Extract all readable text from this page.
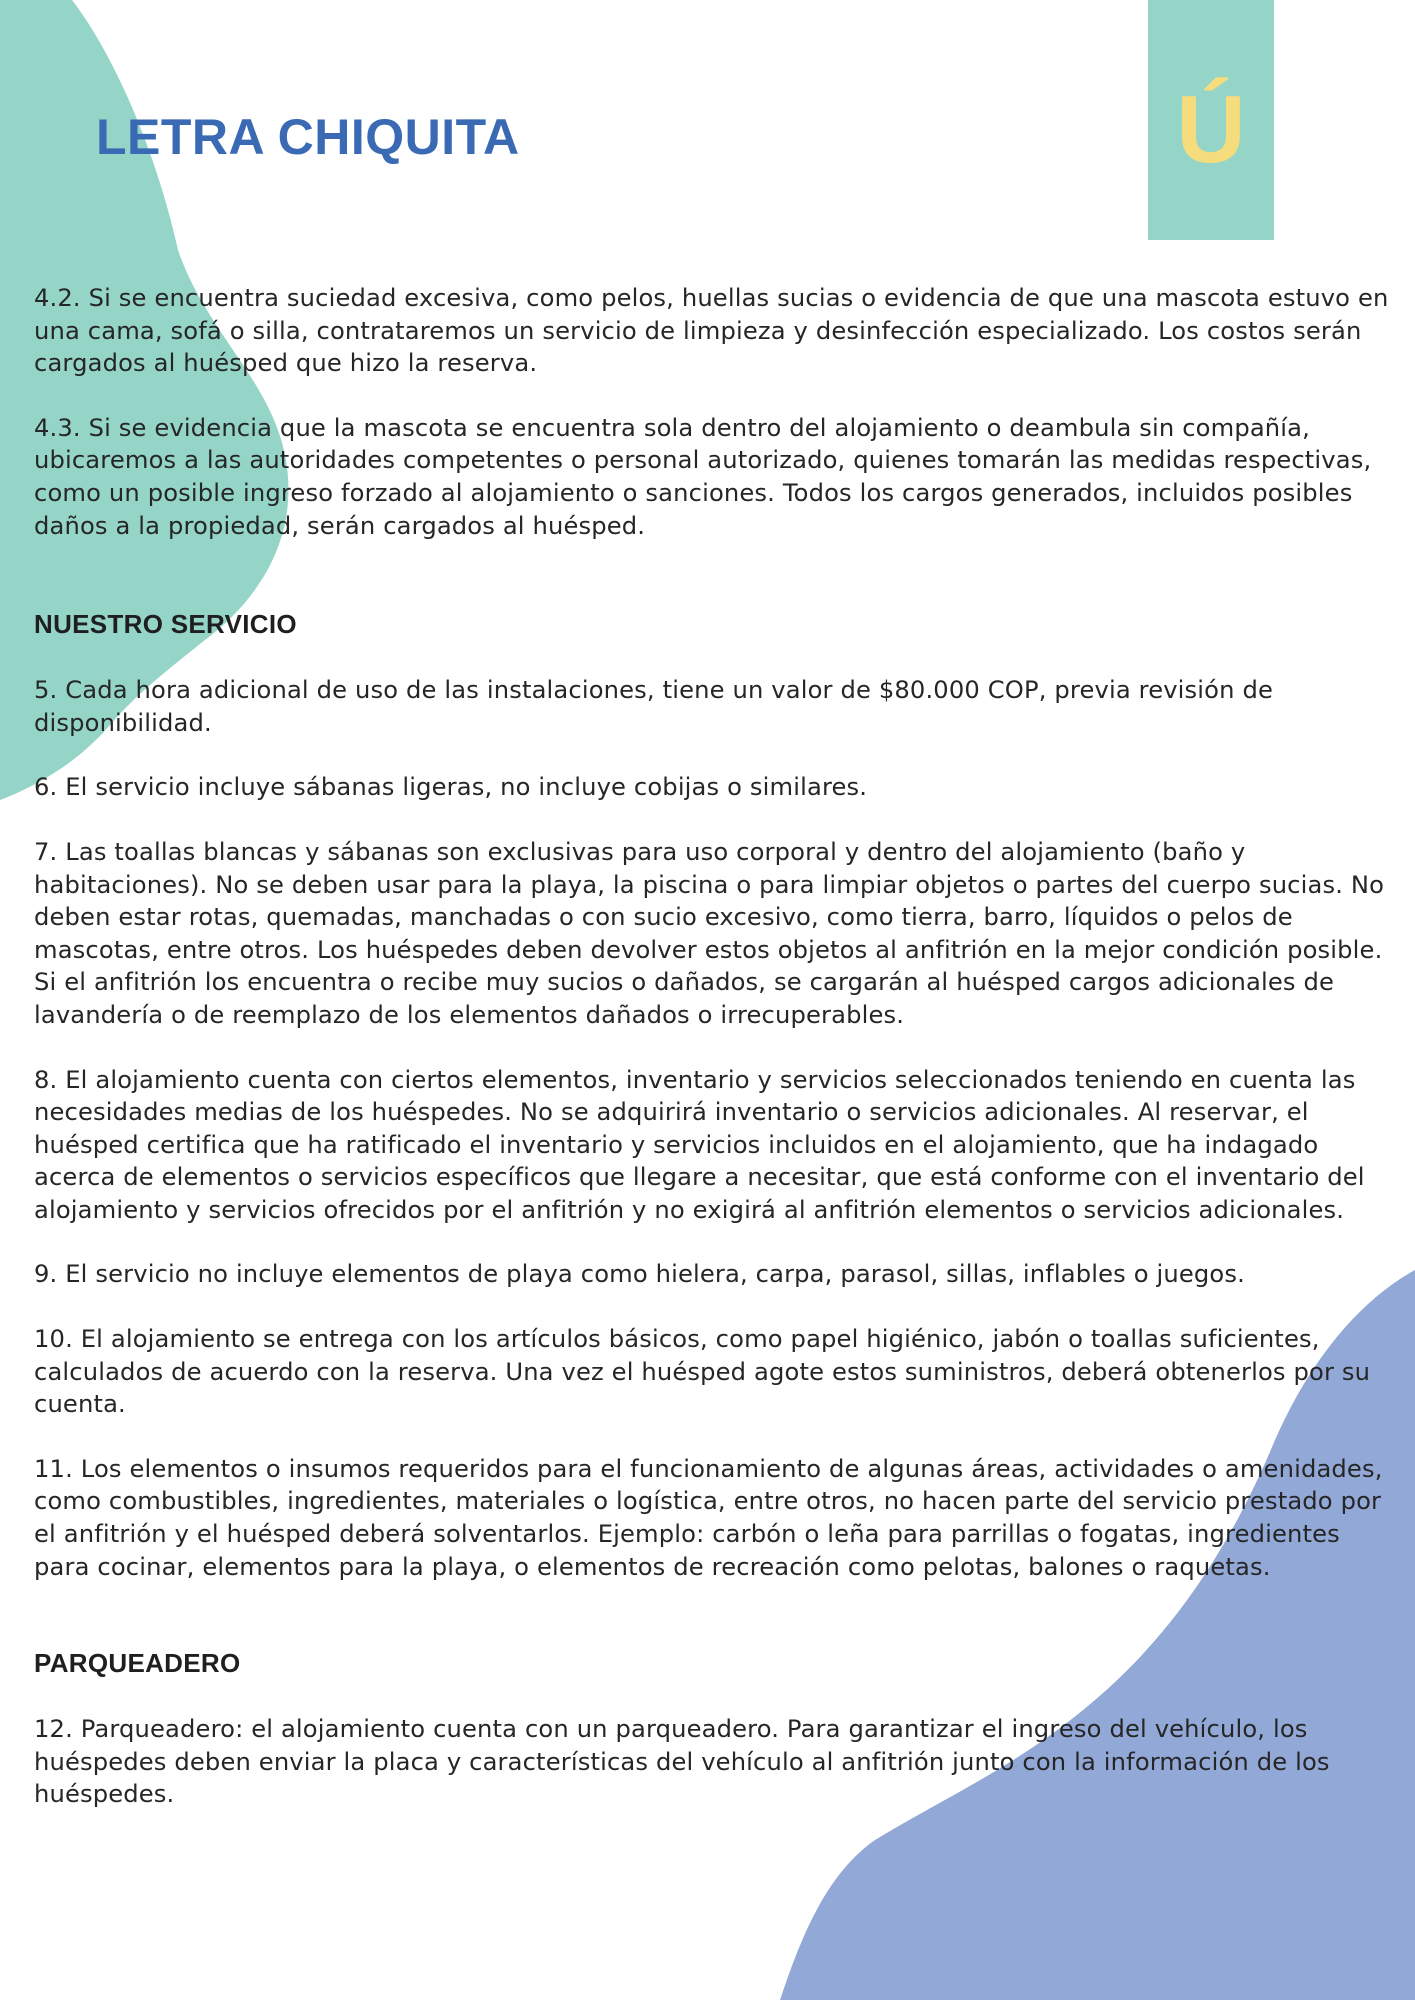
Ú
LETRA CHIQUITA

4.2. Si se encuentra suciedad excesiva, como pelos, huellas sucias o evidencia de que una mascota estuvo en una cama, sofá o silla, contrataremos un servicio de limpieza y desinfección especializado. Los costos serán cargados al huésped que hizo la reserva.

4.3. Si se evidencia que la mascota se encuentra sola dentro del alojamiento o deambula sin compañía, ubicaremos a las autoridades competentes o personal autorizado, quienes tomarán las medidas respectivas, como un posible ingreso forzado al alojamiento o sanciones. Todos los cargos generados, incluidos posibles daños a la propiedad, serán cargados al huésped.

NUESTRO SERVICIO

5. Cada hora adicional de uso de las instalaciones, tiene un valor de $80.000 COP, previa revisión de disponibilidad.

6. El servicio incluye sábanas ligeras, no incluye cobijas o similares.

7. Las toallas blancas y sábanas son exclusivas para uso corporal y dentro del alojamiento (baño y habitaciones). No se deben usar para la playa, la piscina o para limpiar objetos o partes del cuerpo sucias. No deben estar rotas, quemadas, manchadas o con sucio excesivo, como tierra, barro, líquidos o pelos de mascotas, entre otros. Los huéspedes deben devolver estos objetos al anfitrión en la mejor condición posible. Si el anfitrión los encuentra o recibe muy sucios o dañados, se cargarán al huésped cargos adicionales de lavandería o de reemplazo de los elementos dañados o irrecuperables.

8. El alojamiento cuenta con ciertos elementos, inventario y servicios seleccionados teniendo en cuenta las necesidades medias de los huéspedes. No se adquirirá inventario o servicios adicionales. Al reservar, el huésped certifica que ha ratificado el inventario y servicios incluidos en el alojamiento, que ha indagado acerca de elementos o servicios específicos que llegare a necesitar, que está conforme con el inventario del alojamiento y servicios ofrecidos por el anfitrión y no exigirá al anfitrión elementos o servicios adicionales.

9. El servicio no incluye elementos de playa como hielera, carpa, parasol, sillas, inflables o juegos.

10. El alojamiento se entrega con los artículos básicos, como papel higiénico, jabón o toallas suficientes, calculados de acuerdo con la reserva. Una vez el huésped agote estos suministros, deberá obtenerlos por su cuenta.

11. Los elementos o insumos requeridos para el funcionamiento de algunas áreas, actividades o amenidades, como combustibles, ingredientes, materiales o logística, entre otros, no hacen parte del servicio prestado por el anfitrión y el huésped deberá solventarlos. Ejemplo: carbón o leña para parrillas o fogatas, ingredientes para cocinar, elementos para la playa, o elementos de recreación como pelotas, balones o raquetas.

PARQUEADERO

12. Parqueadero: el alojamiento cuenta con un parqueadero. Para garantizar el ingreso del vehículo, los huéspedes deben enviar la placa y características del vehículo al anfitrión junto con la información de los huéspedes.
